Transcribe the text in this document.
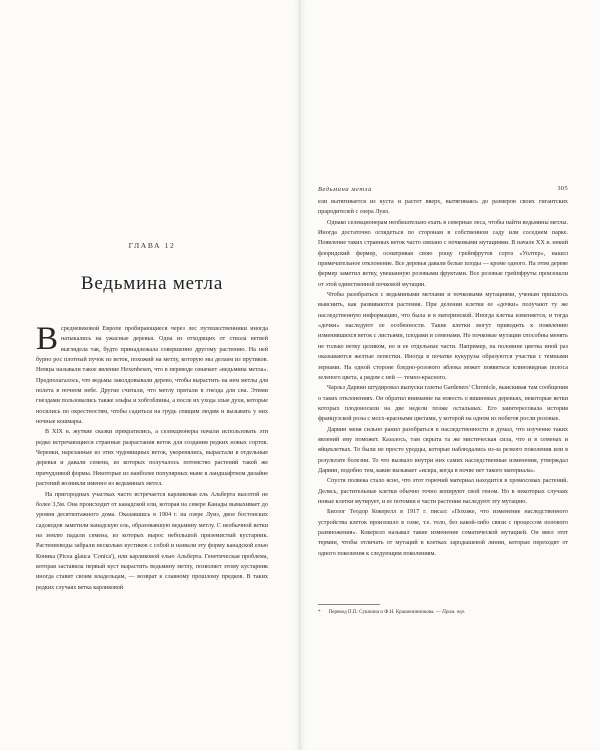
ГЛАВА 12
Ведьмина метла

Всредневековой Европе пробирающиеся через лес путешественники иногда натыкались на ужасные деревья. Одна из отходящих от ствола ветвей выглядела так, будто принадлежала совершенно другому растению. На ней бурно рос плотный пучок из веток, похожий на метлу, которую мы делаем из прутиков. Немцы называли такое явление Hexenbesen, что в переводе означает «ведьмина метла». Предполагалось, что ведьмы заколдовывали дерево, чтобы вырастить на нем метлы для полета в ночном небе. Другие считали, что метлу прятали в гнезда для сна. Этими гнездами пользовались также эльфы и хобгоблины, а после их ухода злые духи, которые носились по окрестностям, чтобы садиться на грудь спящим людям и вызывать у них ночные кошмары.

В XIX в. жуткие сказки прекратились, а селекционеры начали использовать эти редко встречающиеся странные разрастания веток для создания редких новых сортов. Черенки, нарезанные из этих чудовищных веток, укоренялись, вырастали в отдельные деревья и давали семена, из которых получалось потомство растений такой же причудливой формы. Некоторые из наиболее популярных ныне в ландшафтном дизайне растений возникли именно из ведьминых метел.

На пригородных участках часто встречается карликовая ель Альберта высотой не более 3,5м. Она происходит от канадской ели, которая на севере Канады вымахивает до уровня десятиэтажного дома. Оказавшись в 1904 г. на озере Луиз, двое бостонских садоводов заметили канадскую ель, образовавшую ведьмину метлу. С необычной ветки на землю падали семена, из которых вырос небольшой приземистый кустарник. Растениеводы забрали несколько кустиков с собой и назвали эту форму канадской елью Коника (Picea glauca 'Conica'), или карликовой елью Альберта. Генетическая проблема, которая заставила первый куст вырастить ведьмину метлу, позволяет этому кустарник иногда ставит своим владельцам, — возврат к славному прошлому предков. В таких редких случаях ветка карликовой

Ведьмина метла	305

ели вытягивается из куста и растет вверх, вытягиваясь до размеров своих гигантских прародителей с озера Луиз.

Однако селекционерам необязательно ехать в северные леса, чтобы найти ведьмины метлы. Иногда достаточно оглядеться по сторонам в собственном саду или соседнем парке. Появление таких странных веток часто связано с почковыми мутациями. В начале XX в. некий флоридский фермер, осматривая свою рощу грейпфрутов сорта «Уолтер», нашел примечательное отклонение. Все деревья давали белые плоды — кроме одного. На этом дереве фермер заметил ветку, увешанную розовыми фруктами. Все розовые грейпфруты произошли от этой единственной почковой мутации.

Чтобы разобраться с ведьмиными метлами и почковыми мутациями, ученым пришлось выяснить, как развиваются растения. При делении клетки ее «дочки» получают ту же наследственную информацию, что была и в материнской. Иногда клетка изменяется, и тогда «дочки» наследуют ее особенности. Такие клетки могут приводить к появлению изменившихся веток с листьями, плодами и семенами. Но почковые мутации способны менять не только ветку целиком, но и ее отдельные части. Например, на половине цветка иной раз оказываются желтые лепестки. Иногда в початке кукурузы образуются участки с темными зернами. На одной стороне бледно-розового яблока может появиться клиновидная полоса зеленого цвета, а рядом с ней — темно-красного.

Чарльз Дарвин штудировал выпуски газеты Gardeners' Chronicle, выискивая там сообщения о таких отклонениях. Он обратил внимание на новость о вишневых деревьях, некоторые ветки которых плодоносили на две недели позже остальных. Его заинтересовала история французской розы с мосх-красными цветами, у которой на одном из побегов росли розовые.

Дарвин меня сильно ранил разобраться в наследственности и думал, что изучение таких явлений ему поможет. Казалось, там скрыта та же мистическая сила, что и в семенах и яйцеклетках. То были не просто уродцы, которые наблюдались из-за резкого поколения или в результате болезни. То что вызвало внутри них самих наследственные изменения, утверждал Дарвин, подобно тем, какие вызывает «искра, когда в почве нет такого материала».

Спустя полвека стало ясно, что этот горючий материал находится в хромосомах растений. Делясь, растительные клетки обычно точно копируют свой геном. Но в некоторых случаях новые клетки мутирует, и ее потомки в части растения наследуют эту мутацию.

Биолог Теодор Кокерелл в 1917 г. писал: «Похоже, что изменение наследственного устройства клеток произошло в соме, т.е. тело, без какой-либо связи с процессом полового размножения». Кокерелл называл такие изменение соматической мутацией. Он ввел этот термин, чтобы отличать от мутаций в клетках зародышевой линии, которые переходят от одного поколения к следующим поколениям.

* Перевод П.П. Сушкина и Ф.Н. Крашенинникова. — Прим. пер.
